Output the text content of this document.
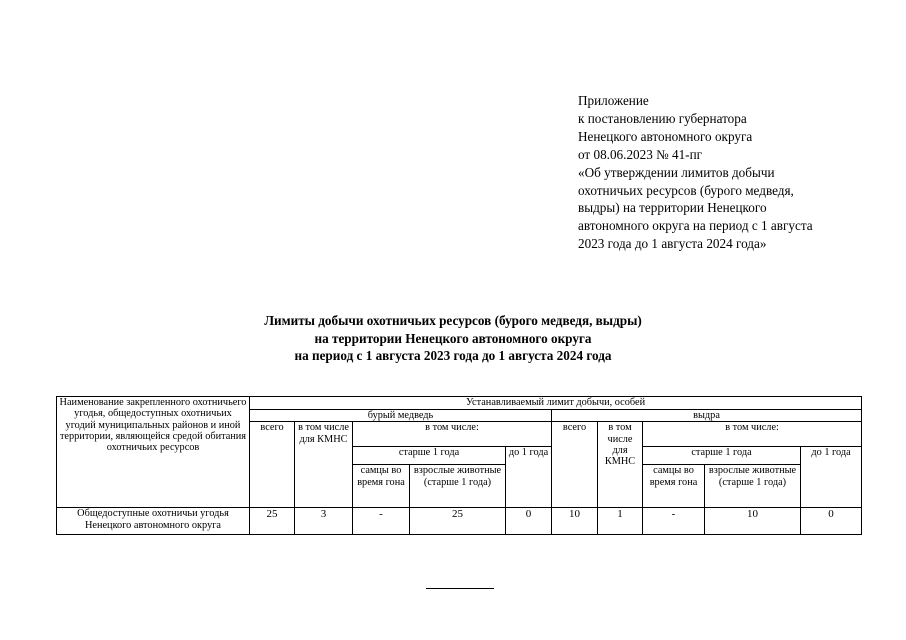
Приложение
к постановлению губернатора
Ненецкого автономного округа
от 08.06.2023 № 41-пг
«Об утверждении лимитов добычи
охотничьих ресурсов (бурого медведя,
выдры) на территории Ненецкого
автономного округа на период с 1 августа
2023 года до 1 августа 2024 года»
Лимиты добычи охотничьих ресурсов (бурого медведя, выдры)
на территории Ненецкого автономного округа
на период с 1 августа 2023 года до 1 августа 2024 года
Наименование закрепленного охотничьего угодья, общедоступных охотничьих угодий муниципальных районов и иной территории, являющейся средой обитания охотничьих ресурсов	Устанавливаемый лимит добычи, особей									
	бурый медведь					выдра				
	всего	в том числе для КМНС	в том числе:			всего	в том числе для КМНС	в том числе:		
			старше 1 года		до 1 года			старше 1 года		до 1 года
			самцы во время гона	взрослые животные (старше 1 года)				самцы во время гона	взрослые животные (старше 1 года)	
Общедоступные охотничьи угодья Ненецкого автономного округа	25	3	-	25	0	10	1	-	10	0
